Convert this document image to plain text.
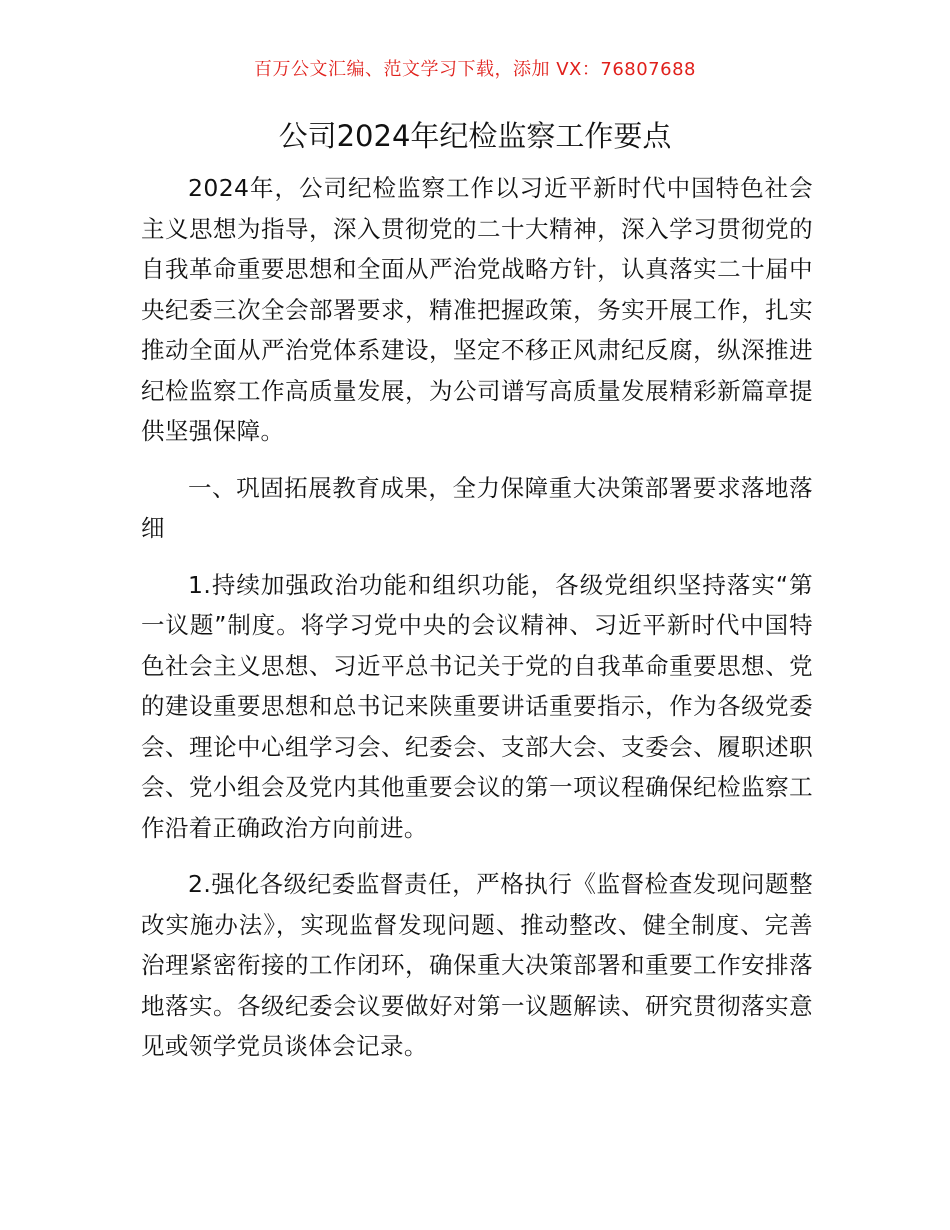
百万公文汇编、范文学习下载，添加 VX：76807688
公司2024年纪检监察工作要点

2024年，公司纪检监察工作以习近平新时代中国特色社会主义思想为指导，深入贯彻党的二十大精神，深入学习贯彻党的自我革命重要思想和全面从严治党战略方针，认真落实二十届中央纪委三次全会部署要求，精准把握政策，务实开展工作，扎实推动全面从严治党体系建设，坚定不移正风肃纪反腐，纵深推进纪检监察工作高质量发展，为公司谱写高质量发展精彩新篇章提供坚强保障。

一、巩固拓展教育成果，全力保障重大决策部署要求落地落细

1.持续加强政治功能和组织功能，各级党组织坚持落实“第一议题”制度。将学习党中央的会议精神、习近平新时代中国特色社会主义思想、习近平总书记关于党的自我革命重要思想、党的建设重要思想和总书记来陕重要讲话重要指示，作为各级党委会、理论中心组学习会、纪委会、支部大会、支委会、履职述职会、党小组会及党内其他重要会议的第一项议程确保纪检监察工作沿着正确政治方向前进。

2.强化各级纪委监督责任，严格执行《监督检查发现问题整改实施办法》，实现监督发现问题、推动整改、健全制度、完善治理紧密衔接的工作闭环，确保重大决策部署和重要工作安排落地落实。各级纪委会议要做好对第一议题解读、研究贯彻落实意见或领学党员谈体会记录。
